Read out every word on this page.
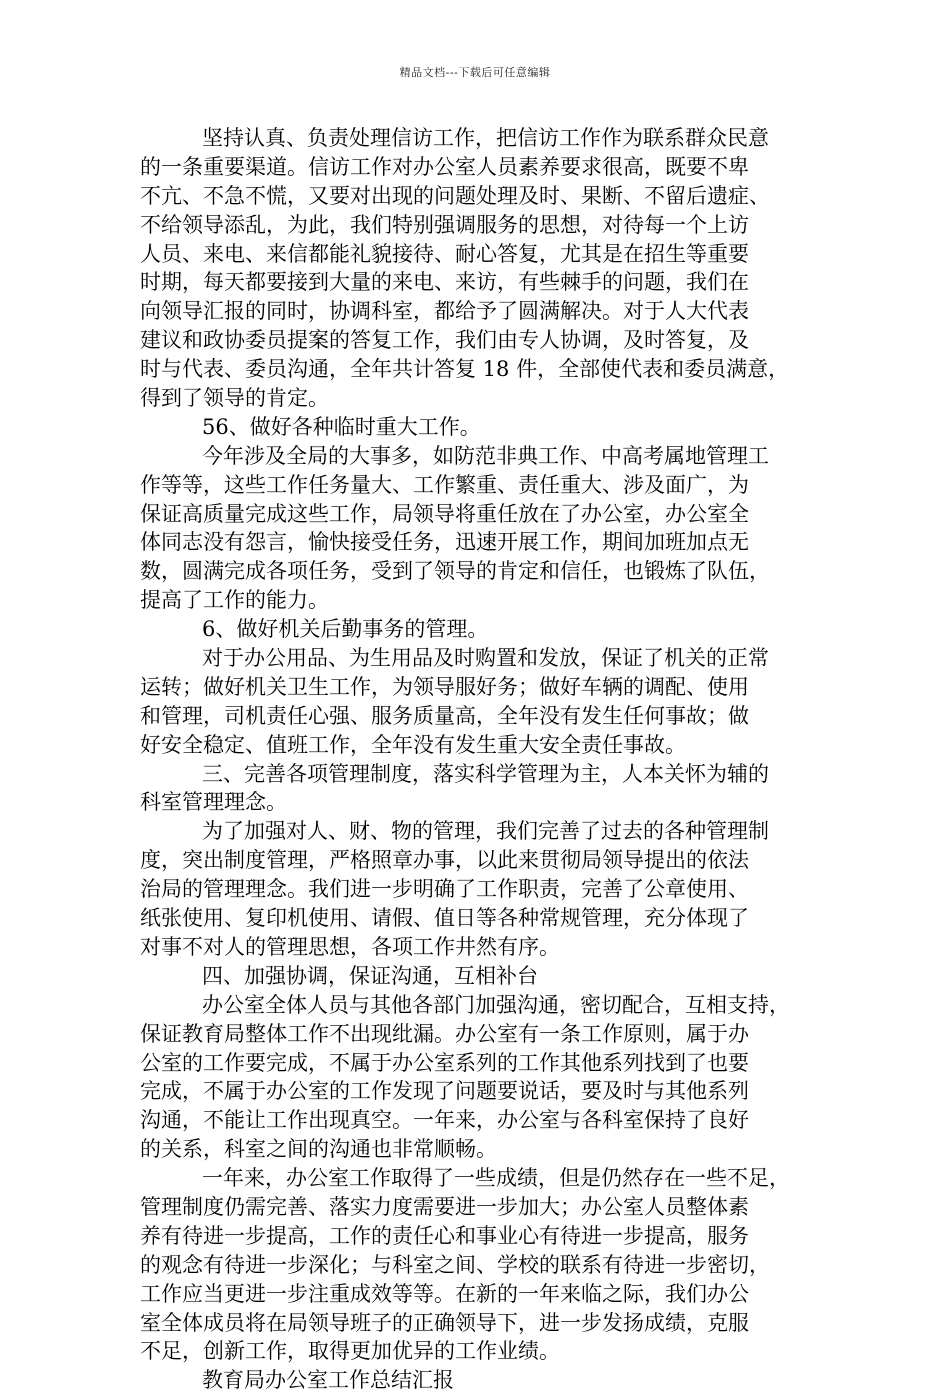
精品文档---下载后可任意编辑
坚持认真、负责处理信访工作，把信访工作作为联系群众民意
的一条重要渠道。信访工作对办公室人员素养要求很高，既要不卑
不亢、不急不慌，又要对出现的问题处理及时、果断、不留后遗症、
不给领导添乱，为此，我们特别强调服务的思想，对待每一个上访
人员、来电、来信都能礼貌接待、耐心答复，尤其是在招生等重要
时期，每天都要接到大量的来电、来访，有些棘手的问题，我们在
向领导汇报的同时，协调科室，都给予了圆满解决。对于人大代表
建议和政协委员提案的答复工作，我们由专人协调，及时答复，及
时与代表、委员沟通，全年共计答复 18 件，全部使代表和委员满意，
得到了领导的肯定。
56、做好各种临时重大工作。
今年涉及全局的大事多，如防范非典工作、中高考属地管理工
作等等，这些工作任务量大、工作繁重、责任重大、涉及面广，为
保证高质量完成这些工作，局领导将重任放在了办公室，办公室全
体同志没有怨言，愉快接受任务，迅速开展工作，期间加班加点无
数，圆满完成各项任务，受到了领导的肯定和信任，也锻炼了队伍，
提高了工作的能力。
6、做好机关后勤事务的管理。
对于办公用品、为生用品及时购置和发放，保证了机关的正常
运转；做好机关卫生工作，为领导服好务；做好车辆的调配、使用
和管理，司机责任心强、服务质量高，全年没有发生任何事故；做
好安全稳定、值班工作，全年没有发生重大安全责任事故。
三、完善各项管理制度，落实科学管理为主，人本关怀为辅的
科室管理理念。
为了加强对人、财、物的管理，我们完善了过去的各种管理制
度，突出制度管理，严格照章办事，以此来贯彻局领导提出的依法
治局的管理理念。我们进一步明确了工作职责，完善了公章使用、
纸张使用、复印机使用、请假、值日等各种常规管理，充分体现了
对事不对人的管理思想，各项工作井然有序。
四、加强协调，保证沟通，互相补台
办公室全体人员与其他各部门加强沟通，密切配合，互相支持，
保证教育局整体工作不出现纰漏。办公室有一条工作原则，属于办
公室的工作要完成，不属于办公室系列的工作其他系列找到了也要
完成，不属于办公室的工作发现了问题要说话，要及时与其他系列
沟通，不能让工作出现真空。一年来，办公室与各科室保持了良好
的关系，科室之间的沟通也非常顺畅。
一年来，办公室工作取得了一些成绩，但是仍然存在一些不足，
管理制度仍需完善、落实力度需要进一步加大；办公室人员整体素
养有待进一步提高，工作的责任心和事业心有待进一步提高，服务
的观念有待进一步深化；与科室之间、学校的联系有待进一步密切，
工作应当更进一步注重成效等等。在新的一年来临之际，我们办公
室全体成员将在局领导班子的正确领导下，进一步发扬成绩，克服
不足，创新工作，取得更加优异的工作业绩。
教育局办公室工作总结汇报
